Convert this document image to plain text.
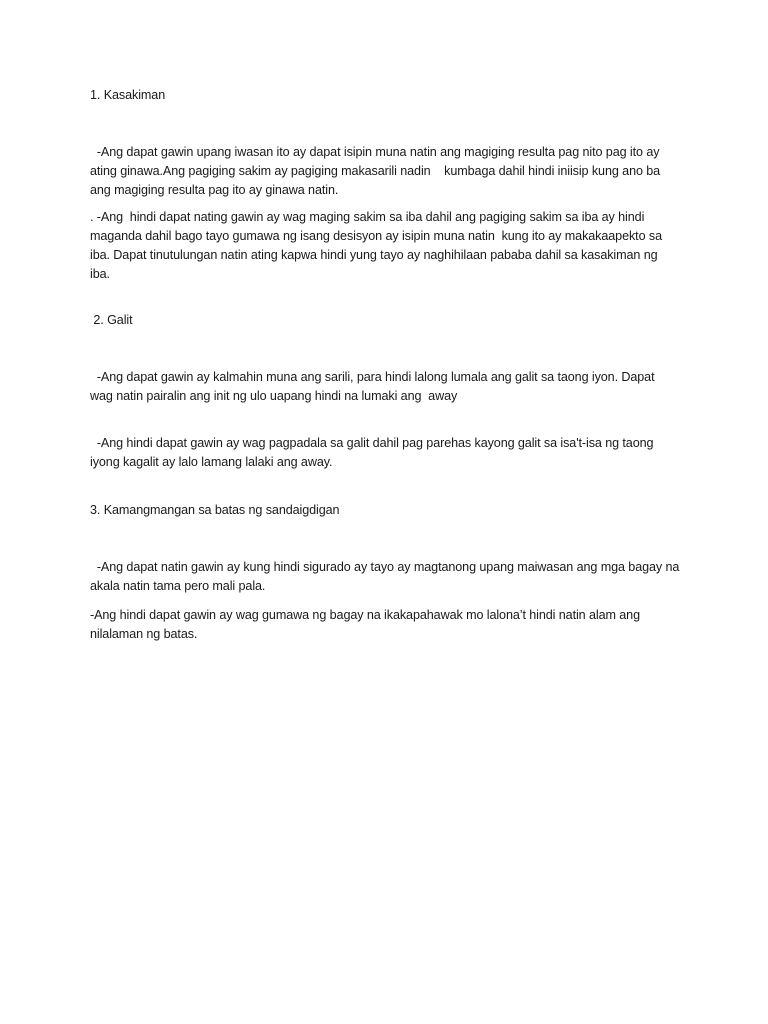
1. Kasakiman

-Ang dapat gawin upang iwasan ito ay dapat isipin muna natin ang magiging resulta pag nito pag ito ay ating ginawa.Ang pagiging sakim ay pagiging makasarili nadin    kumbaga dahil hindi iniisip kung ano ba ang magiging resulta pag ito ay ginawa natin.

. -Ang  hindi dapat nating gawin ay wag maging sakim sa iba dahil ang pagiging sakim sa iba ay hindi maganda dahil bago tayo gumawa ng isang desisyon ay isipin muna natin  kung ito ay makakaapekto sa iba. Dapat tinutulungan natin ating kapwa hindi yung tayo ay naghihilaan pababa dahil sa kasakiman ng iba.

2. Galit

-Ang dapat gawin ay kalmahin muna ang sarili, para hindi lalong lumala ang galit sa taong iyon. Dapat wag natin pairalin ang init ng ulo uapang hindi na lumaki ang  away

-Ang hindi dapat gawin ay wag pagpadala sa galit dahil pag parehas kayong galit sa isa't-isa ng taong iyong kagalit ay lalo lamang lalaki ang away.

3. Kamangmangan sa batas ng sandaigdigan

-Ang dapat natin gawin ay kung hindi sigurado ay tayo ay magtanong upang maiwasan ang mga bagay na akala natin tama pero mali pala.

-Ang hindi dapat gawin ay wag gumawa ng bagay na ikakapahawak mo lalona’t hindi natin alam ang nilalaman ng batas.
